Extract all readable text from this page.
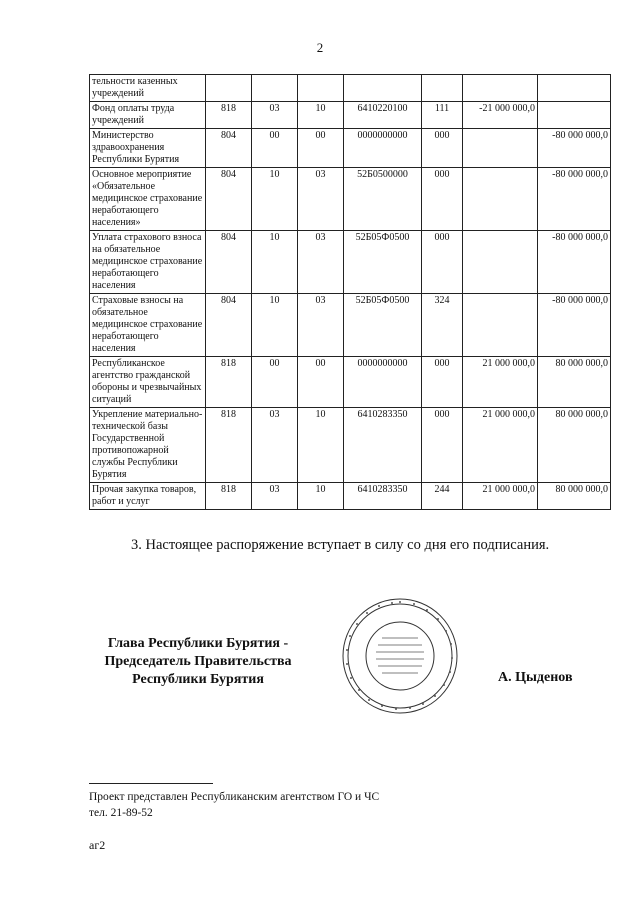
2
тельности казенных учреждений							
Фонд оплаты труда учреждений	818	03	10	6410220100	111	-21 000 000,0	
Министерство здравоохранения Республики Бурятия	804	00	00	0000000000	000		-80 000 000,0
Основное мероприятие «Обязательное медицинское страхование неработающего населения»	804	10	03	52Б0500000	000		-80 000 000,0
Уплата страхового взноса на обязательное медицинское страхование неработающего населения	804	10	03	52Б05Ф0500	000		-80 000 000,0
Страховые взносы на обязательное медицинское страхование неработающего населения	804	10	03	52Б05Ф0500	324		-80 000 000,0
Республиканское агентство гражданской обороны и чрезвычайных ситуаций	818	00	00	0000000000	000	21 000 000,0	80 000 000,0
Укрепление материально-технической базы Государственной противопожарной службы Республики Бурятия	818	03	10	6410283350	000	21 000 000,0	80 000 000,0
Прочая закупка товаров, работ и услуг	818	03	10	6410283350	244	21 000 000,0	80 000 000,0
3. Настоящее распоряжение вступает в силу со дня его подписания.
Глава Республики Бурятия -
Председатель Правительства
Республики Бурятия	А. Цыденов
Проект представлен Республиканским агентством ГО и ЧС
тел. 21-89-52
аг2
